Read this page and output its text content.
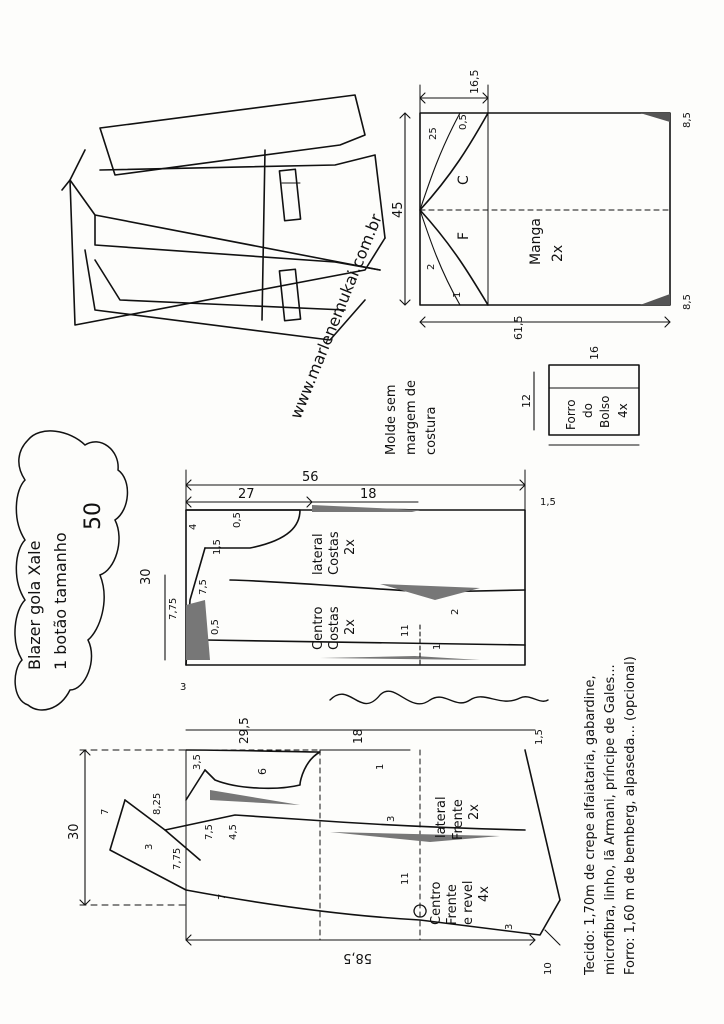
www.marlenemukai.com.br
Blazer gola Xale 1 botão tamanho
50
Molde sem margem de costura
Tecido: 1,70m de crepe alfaiataria, gabardine, microfibra, linho, lã Armani, príncipe de Gales... Forro: 1,60 m de bemberg, alpaseda... (opcional)
Manga 2x
C
F
16,5
61,5
45
25
0,5
2
1
8,5
8,5
Forro do Bolso 4x
16
12
56
27	18
1,5
30
lateral Costas 2x
Centro Costas 2x
4	0,5
1,5
7,5
7,75
0,5
3
11
2
1
58,5
29,5	18	1,5
30	lateral Frente 2x
Centro Frente e revel 4x
6
3,5
7	8,25
3
7,5 4,5
7,75
7
3
11
3
10
1
